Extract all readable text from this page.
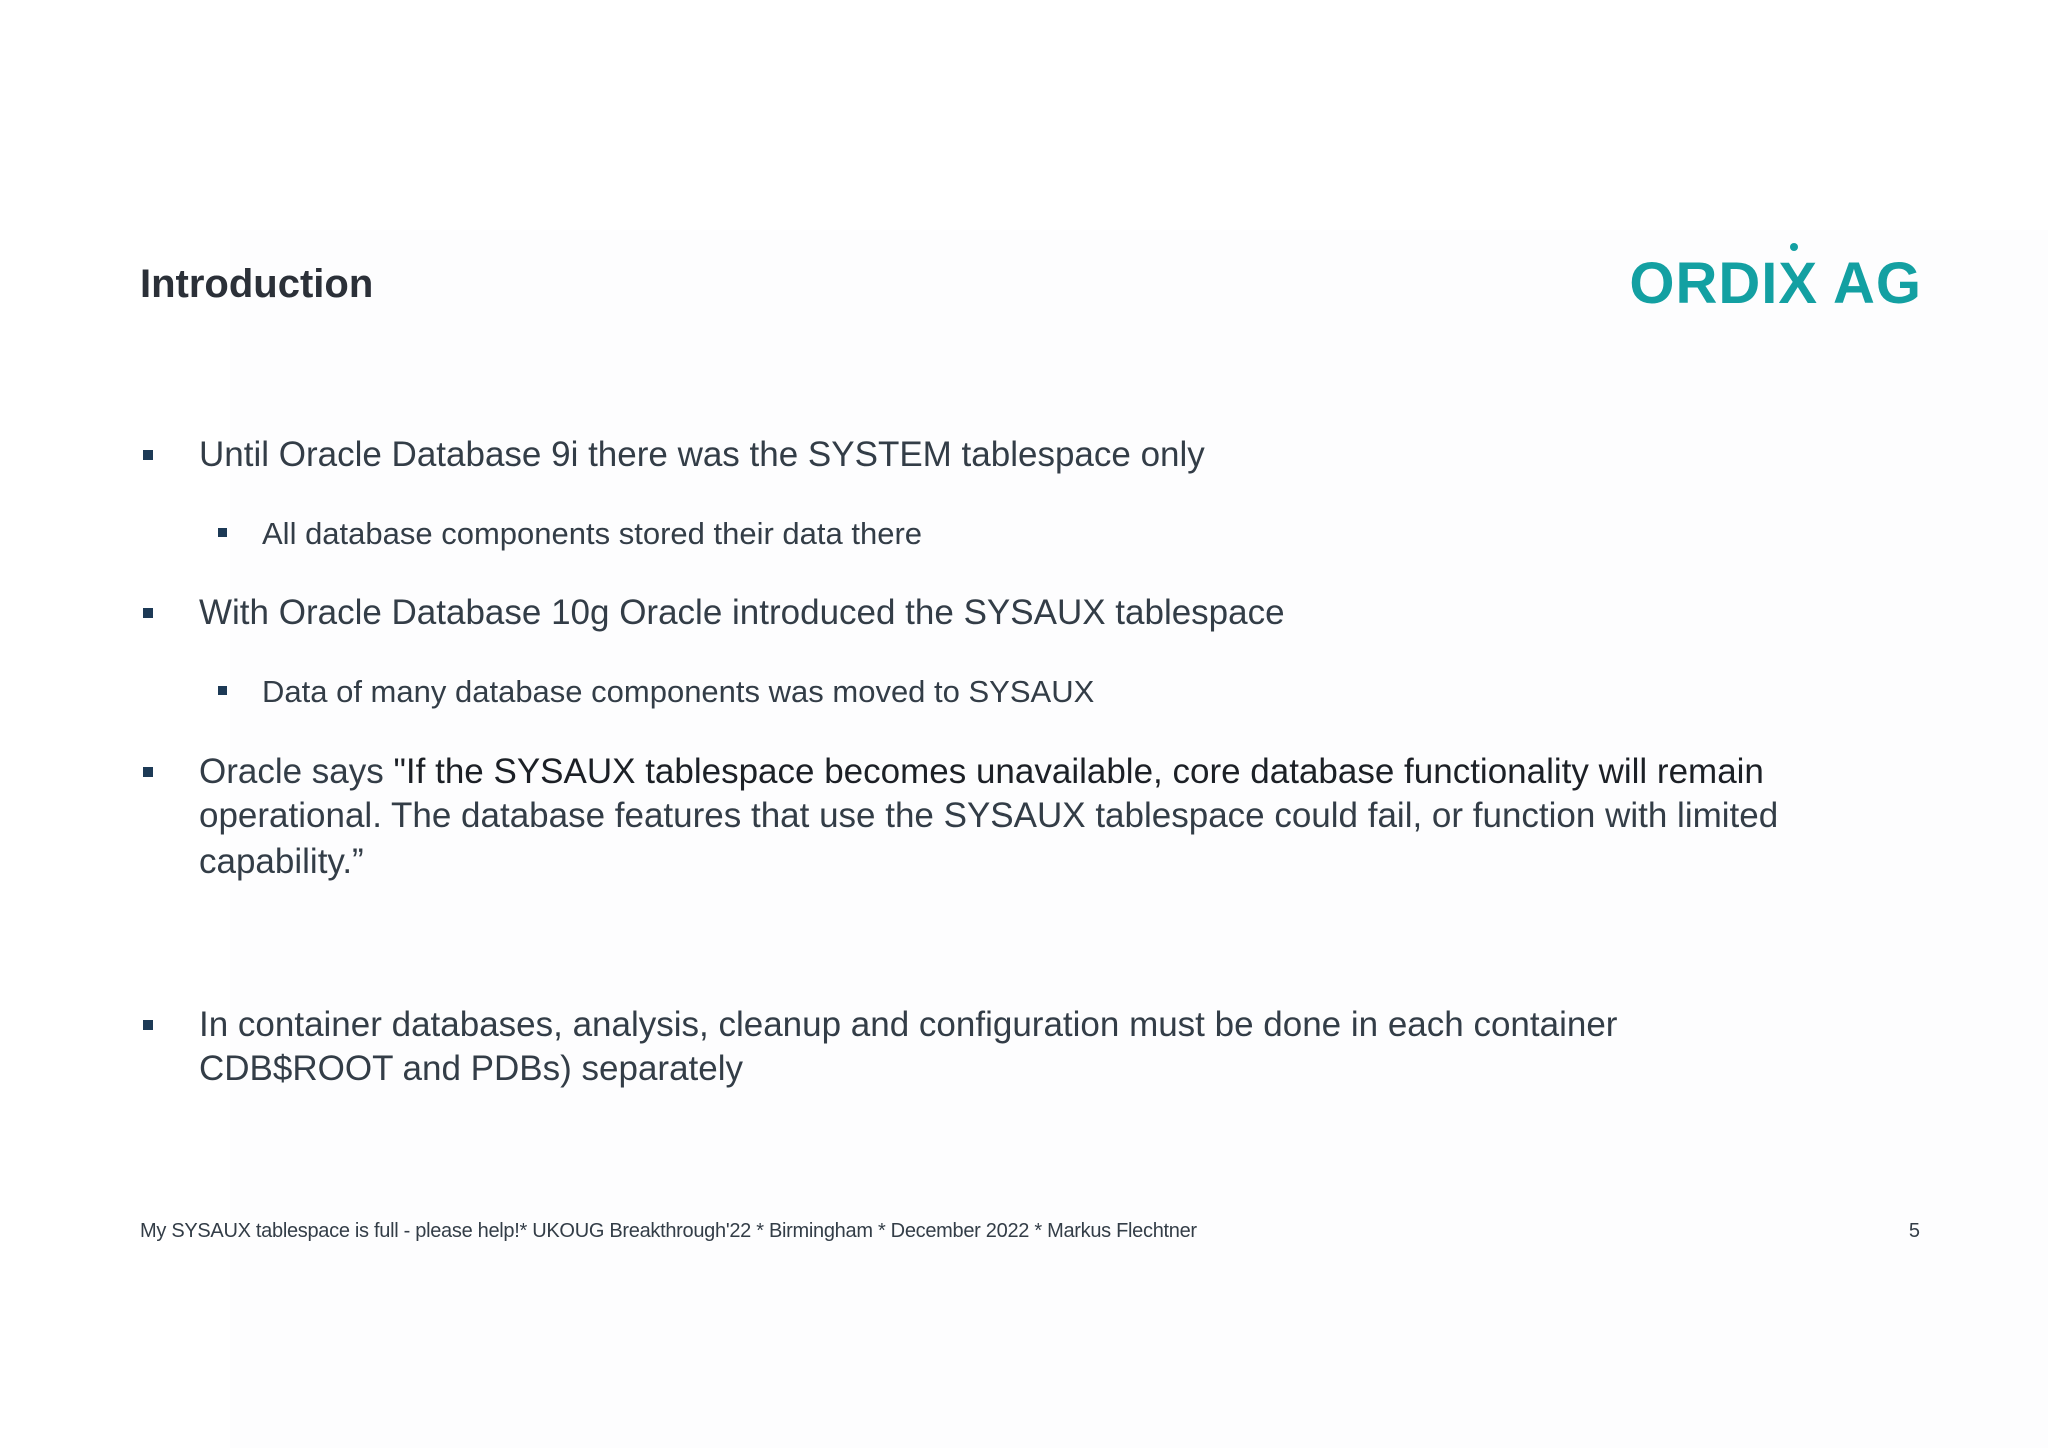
Introduction	ORDIX AG
Until Oracle Database 9i there was the SYSTEM tablespace only
All database components stored their data there
With Oracle Database 10g Oracle introduced the SYSAUX tablespace
Data of many database components was moved to SYSAUX
Oracle says "If the SYSAUX tablespace becomes unavailable, core database functionality will remain
operational. The database features that use the SYSAUX tablespace could fail, or function with limited
capability.”
In container databases, analysis, cleanup and configuration must be done in each container
CDB$ROOT and PDBs) separately
My SYSAUX tablespace is full - please help!* UKOUG Breakthrough'22 * Birmingham * December 2022 * Markus Flechtner	5
